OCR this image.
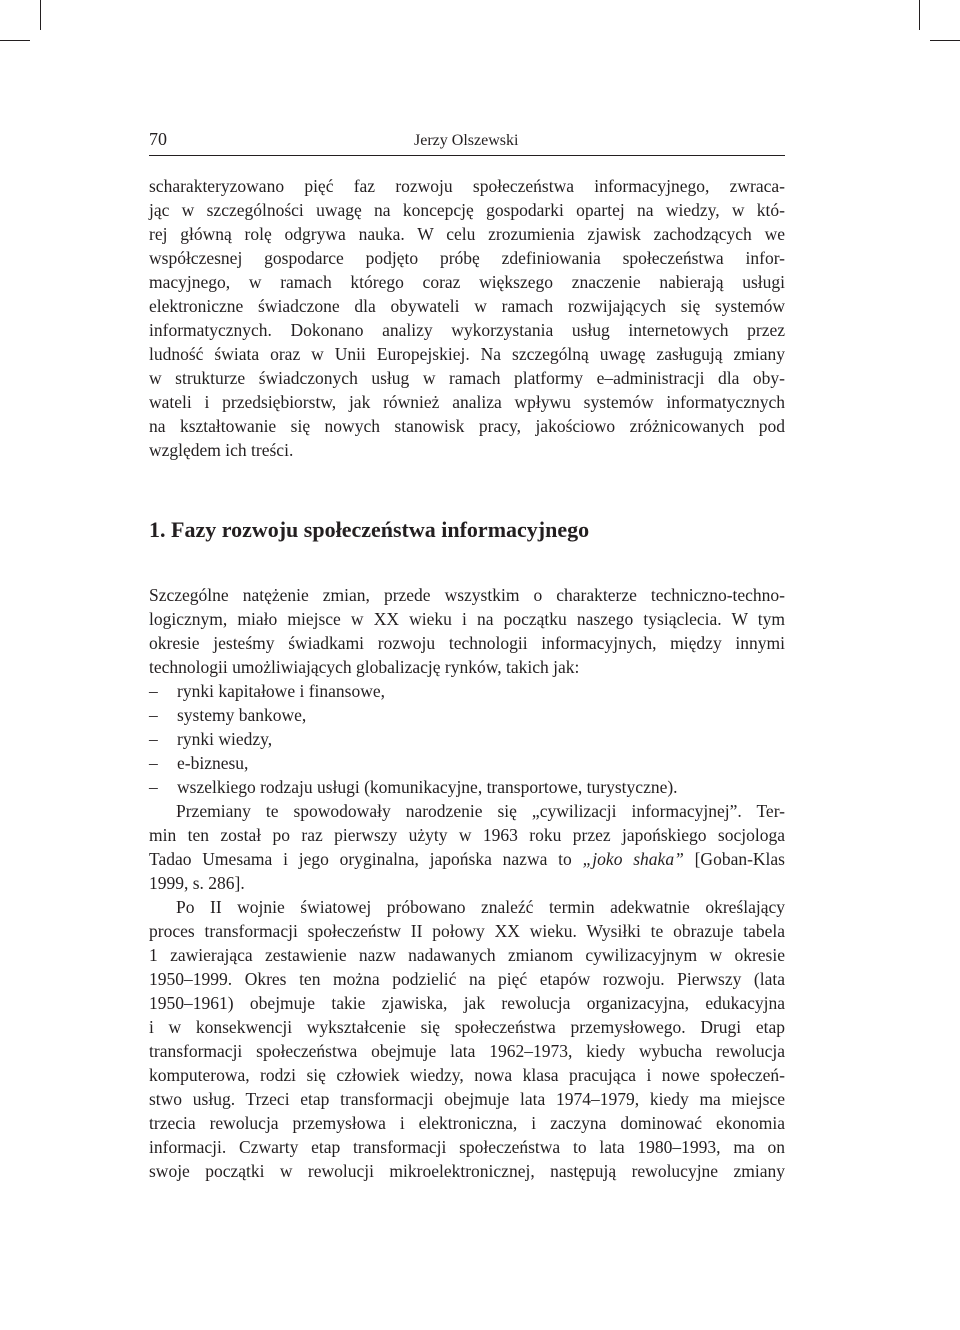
70	Jerzy Olszewski
scharakteryzowano pięć faz rozwoju społeczeństwa informacyjnego, zwraca-
jąc w szczególności uwagę na koncepcję gospodarki opartej na wiedzy, w któ-
rej główną rolę odgrywa nauka. W celu zrozumienia zjawisk zachodzących we
współczesnej gospodarce podjęto próbę zdefiniowania społeczeństwa infor-
macyjnego, w ramach którego coraz większego znaczenie nabierają usługi
elektroniczne świadczone dla obywateli w ramach rozwijających się systemów
informatycznych. Dokonano analizy wykorzystania usług internetowych przez
ludność świata oraz w Unii Europejskiej. Na szczególną uwagę zasługują zmiany
w strukturze świadczonych usług w ramach platformy e–administracji dla oby-
wateli i przedsiębiorstw, jak również analiza wpływu systemów informatycznych
na kształtowanie się nowych stanowisk pracy, jakościowo zróżnicowanych pod
względem ich treści.
1. Fazy rozwoju społeczeństwa informacyjnego
Szczególne natężenie zmian, przede wszystkim o charakterze techniczno-techno-
logicznym, miało miejsce w XX wieku i na początku naszego tysiąclecia. W tym
okresie jesteśmy świadkami rozwoju technologii informacyjnych, między innymi
technologii umożliwiających globalizację rynków, takich jak:
– rynki kapitałowe i finansowe,
– systemy bankowe,
– rynki wiedzy,
– e-biznesu,
– wszelkiego rodzaju usługi (komunikacyjne, transportowe, turystyczne).
Przemiany te spowodowały narodzenie się „cywilizacji informacyjnej”. Ter-
min ten został po raz pierwszy użyty w 1963 roku przez japońskiego socjologa
Tadao Umesama i jego oryginalna, japońska nazwa to „joko shaka” [Goban-Klas
1999, s. 286].
Po II wojnie światowej próbowano znaleźć termin adekwatnie określający
proces transformacji społeczeństw II połowy XX wieku. Wysiłki te obrazuje tabela
1 zawierająca zestawienie nazw nadawanych zmianom cywilizacyjnym w okresie
1950–1999. Okres ten można podzielić na pięć etapów rozwoju. Pierwszy (lata
1950–1961) obejmuje takie zjawiska, jak rewolucja organizacyjna, edukacyjna
i w konsekwencji wykształcenie się społeczeństwa przemysłowego. Drugi etap
transformacji społeczeństwa obejmuje lata 1962–1973, kiedy wybucha rewolucja
komputerowa, rodzi się człowiek wiedzy, nowa klasa pracująca i nowe społeczeń-
stwo usług. Trzeci etap transformacji obejmuje lata 1974–1979, kiedy ma miejsce
trzecia rewolucja przemysłowa i elektroniczna, i zaczyna dominować ekonomia
informacji. Czwarty etap transformacji społeczeństwa to lata 1980–1993, ma on
swoje początki w rewolucji mikroelektronicznej, następują rewolucyjne zmiany
